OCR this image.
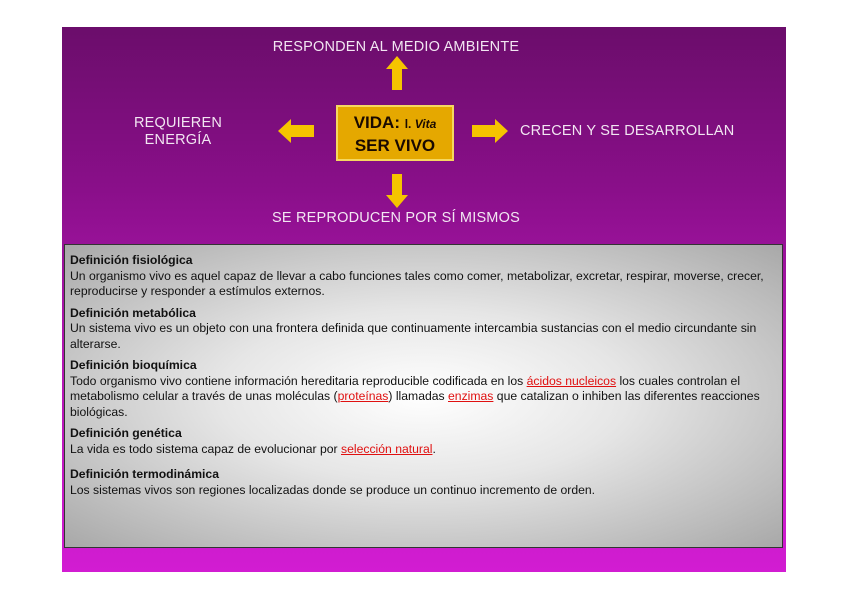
RESPONDEN AL MEDIO AMBIENTE
REQUIEREN
ENERGÍA
VIDA: l. Vita
SER VIVO
CRECEN Y SE DESARROLLAN
SE REPRODUCEN POR SÍ MISMOS
Definición fisiológica
Un organismo vivo es aquel capaz de llevar a cabo funciones tales como comer, metabolizar, excretar, respirar, moverse, crecer, reproducirse y responder a estímulos externos.
Definición metabólica
Un sistema vivo es un objeto con una frontera definida que continuamente intercambia sustancias con el medio circundante sin alterarse.
Definición bioquímica
Todo organismo vivo contiene información hereditaria reproducible codificada en los ácidos nucleicos los cuales controlan el metabolismo celular a través de unas moléculas (proteínas) llamadas enzimas que catalizan o inhiben las diferentes reacciones biológicas.
Definición genética
La vida es todo sistema capaz de evolucionar por selección natural.
Definición termodinámica
Los sistemas vivos son regiones localizadas donde se produce un continuo incremento de orden.
